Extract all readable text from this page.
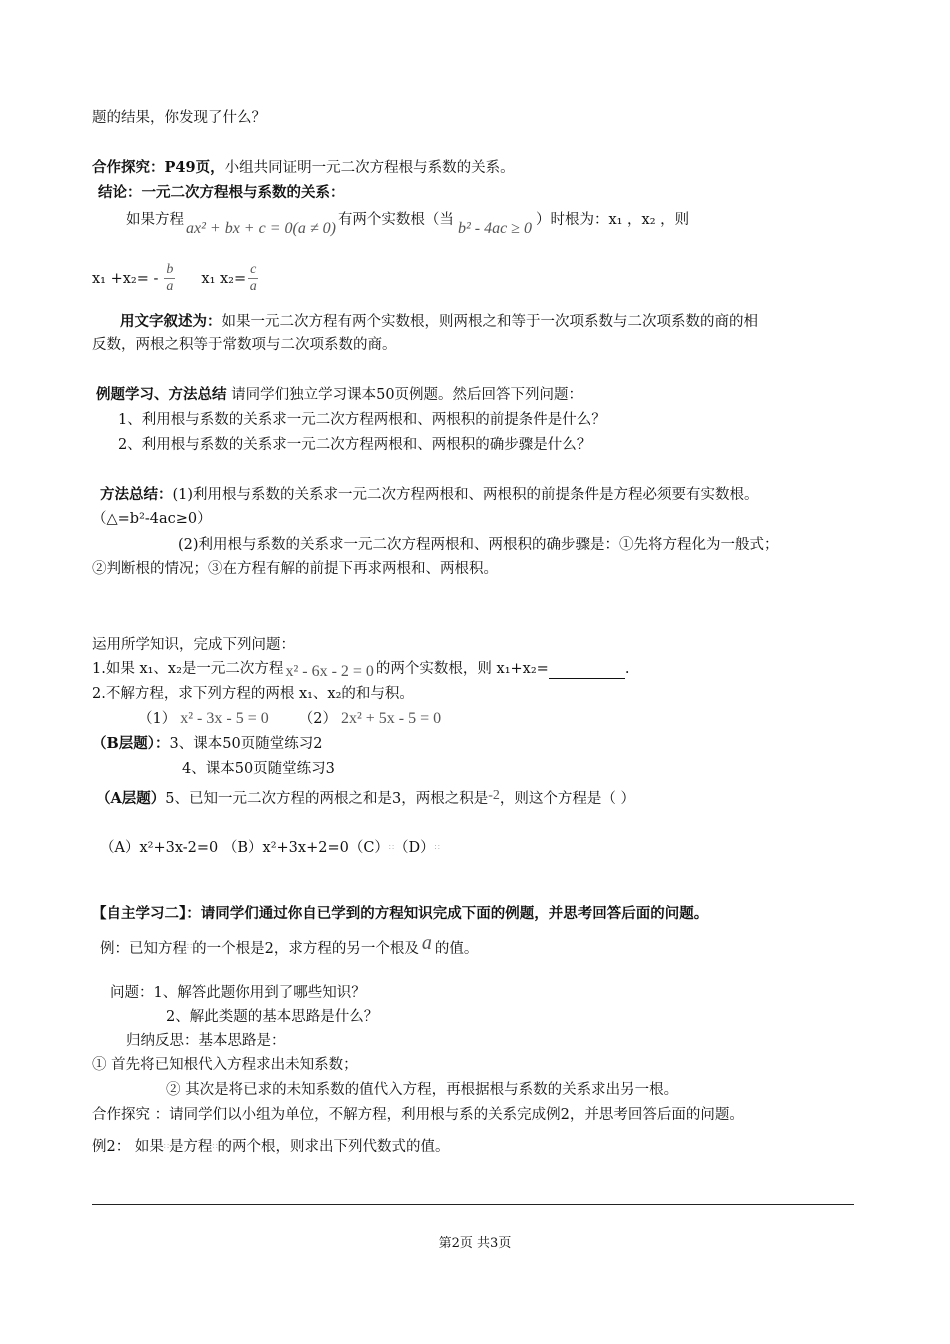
题的结果，你发现了什么？
合作探究：P49页，小组共同证明一元二次方程根与系数的关系。
结论：一元二次方程根与系数的关系：
如果方程 ax² + bx + c = 0(a ≠ 0) 有两个实数根（当 b² - 4ac ≥ 0 ）时根为：x₁ ，x₂ ，则
$x_1 +x_2= - \frac{b}{a} x_1$ $x_2= \frac{c}{a}$
用文字叙述为：如果一元二次方程有两个实数根，则两根之和等于一次项系数与二次项系数的商的相
反数，两根之积等于常数项与二次项系数的商。
例题学习、方法总结 请同学们独立学习课本50页例题。然后回答下列问题：
1、利用根与系数的关系求一元二次方程两根和、两根积的前提条件是什么？
2、利用根与系数的关系求一元二次方程两根和、两根积的确步骤是什么？
方法总结：(1)利用根与系数的关系求一元二次方程两根和、两根积的前提条件是方程必须要有实数根。
（△=b²-4ac≥0）
(2)利用根与系数的关系求一元二次方程两根和、两根积的确步骤是：①先将方程化为一般式；
②判断根的情况；③在方程有解的前提下再求两根和、两根积。
运用所学知识，完成下列问题：
1.如果 x₁、x₂是一元二次方程 x² - 6x - 2 = 0 的两个实数根，则 x₁+x₂=	.
2.不解方程，求下列方程的两根 x₁、x₂的和与积。
（1） x² - 3x - 5 = 0 （2） 2x² + 5x - 5 = 0
（B层题）：3、课本50页随堂练习2
4、课本50页随堂练习3
（A层题）5、已知一元二次方程的两根之和是3，两根之积是-2，则这个方程是（ ）
（A）x²+3x-2=0 （B）x²+3x+2=0（C）∷（D）∷
【自主学习二】：请同学们通过你自已学到的方程知识完成下面的例题，并思考回答后面的问题。
例：已知方程∷的一个根是2，求方程的另一个根及 a 的值。
问题：1、解答此题你用到了哪些知识？
2、解此类题的基本思路是什么？
归纳反思：基本思路是：
① 首先将已知根代入方程求出未知系数；
② 其次是将已求的未知系数的值代入方程，再根据根与系数的关系求出另一根。
合作探究 ：请同学们以小组为单位，不解方程，利用根与系的关系完成例2，并思考回答后面的问题。
例2： 如果∷是方程∷的两个根，则求出下列代数式的值。
第2页 共3页
